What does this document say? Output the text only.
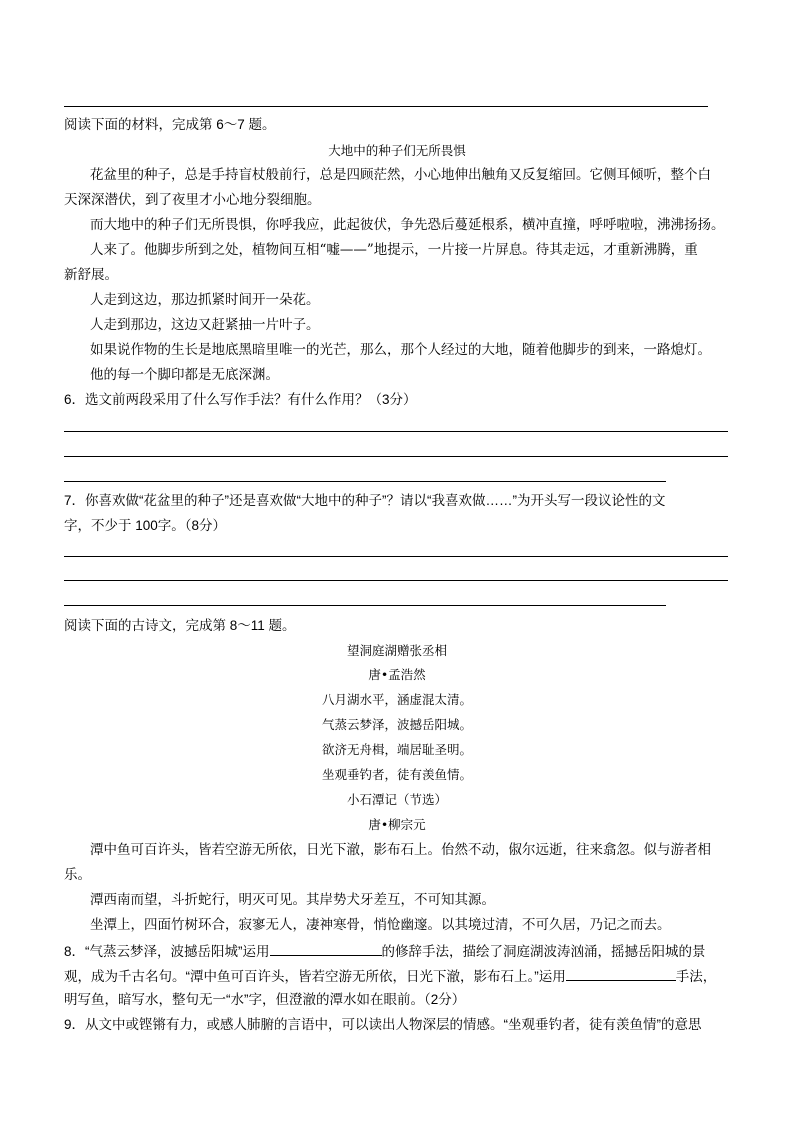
阅读下面的材料，完成第 6～7 题。
大地中的种子们无所畏惧
花盆里的种子，总是手持盲杖般前行，总是四顾茫然，小心地伸出触角又反复缩回。它侧耳倾听，整个白
天深深潜伏，到了夜里才小心地分裂细胞。
而大地中的种子们无所畏惧，你呼我应，此起彼伏，争先恐后蔓延根系，横冲直撞，呼呼啦啦，沸沸扬扬。
人来了。他脚步所到之处，植物间互相“嘘——”地提示，一片接一片屏息。待其走远，才重新沸腾，重
新舒展。
人走到这边，那边抓紧时间开一朵花。
人走到那边，这边又赶紧抽一片叶子。
如果说作物的生长是地底黑暗里唯一的光芒，那么，那个人经过的大地，随着他脚步的到来，一路熄灯。
他的每一个脚印都是无底深渊。
6．选文前两段采用了什么写作手法？有什么作用？（3分）
7．你喜欢做“花盆里的种子”还是喜欢做“大地中的种子”？请以“我喜欢做……”为开头写一段议论性的文
字，不少于 100字。（8分）
阅读下面的古诗文，完成第 8～11 题。
望洞庭湖赠张丞相
唐•孟浩然
八月湖水平，涵虚混太清。
气蒸云梦泽，波撼岳阳城。
欲济无舟楫，端居耻圣明。
坐观垂钓者，徒有羡鱼情。
小石潭记（节选）
唐•柳宗元
潭中鱼可百许头，皆若空游无所依，日光下澈，影布石上。佁然不动，俶尔远逝，往来翕忽。似与游者相
乐。
潭西南而望，斗折蛇行，明灭可见。其岸势犬牙差互，不可知其源。
坐潭上，四面竹树环合，寂寥无人，凄神寒骨，悄怆幽邃。以其境过清，不可久居，乃记之而去。
8．“气蒸云梦泽，波撼岳阳城”运用	的修辞手法，描绘了洞庭湖波涛汹涌，摇撼岳阳城的景
观，成为千古名句。“潭中鱼可百许头，皆若空游无所依，日光下澈，影布石上。”运用	手法，
明写鱼，暗写水，整句无一“水”字，但澄澈的潭水如在眼前。（2分）
9．从文中或铿锵有力，或感人肺腑的言语中，可以读出人物深层的情感。“坐观垂钓者，徒有羡鱼情”的意思
